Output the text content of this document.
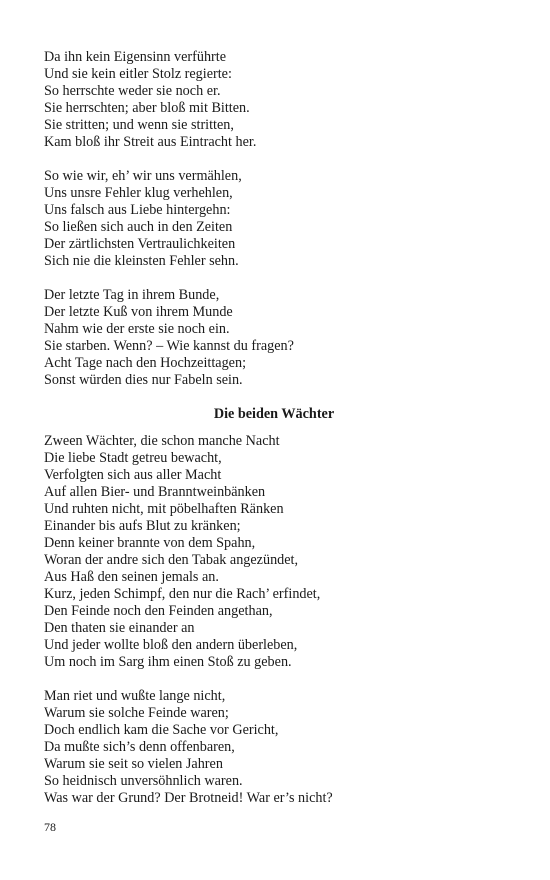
Da ihn kein Eigensinn verführte
Und sie kein eitler Stolz regierte:
So herrschte weder sie noch er.
Sie herrschten; aber bloß mit Bitten.
Sie stritten; und wenn sie stritten,
Kam bloß ihr Streit aus Eintracht her.
So wie wir, eh’ wir uns vermählen,
Uns unsre Fehler klug verhehlen,
Uns falsch aus Liebe hintergehn:
So ließen sich auch in den Zeiten
Der zärtlichsten Vertraulichkeiten
Sich nie die kleinsten Fehler sehn.
Der letzte Tag in ihrem Bunde,
Der letzte Kuß von ihrem Munde
Nahm wie der erste sie noch ein.
Sie starben. Wenn? – Wie kannst du fragen?
Acht Tage nach den Hochzeittagen;
Sonst würden dies nur Fabeln sein.
Die beiden Wächter
Zween Wächter, die schon manche Nacht
Die liebe Stadt getreu bewacht,
Verfolgten sich aus aller Macht
Auf allen Bier- und Branntweinbänken
Und ruhten nicht, mit pöbelhaften Ränken
Einander bis aufs Blut zu kränken;
Denn keiner brannte von dem Spahn,
Woran der andre sich den Tabak angezündet,
Aus Haß den seinen jemals an.
Kurz, jeden Schimpf, den nur die Rach’ erfindet,
Den Feinde noch den Feinden angethan,
Den thaten sie einander an
Und jeder wollte bloß den andern überleben,
Um noch im Sarg ihm einen Stoß zu geben.
Man riet und wußte lange nicht,
Warum sie solche Feinde waren;
Doch endlich kam die Sache vor Gericht,
Da mußte sich’s denn offenbaren,
Warum sie seit so vielen Jahren
So heidnisch unversöhnlich waren.
Was war der Grund? Der Brotneid! War er’s nicht?
78
